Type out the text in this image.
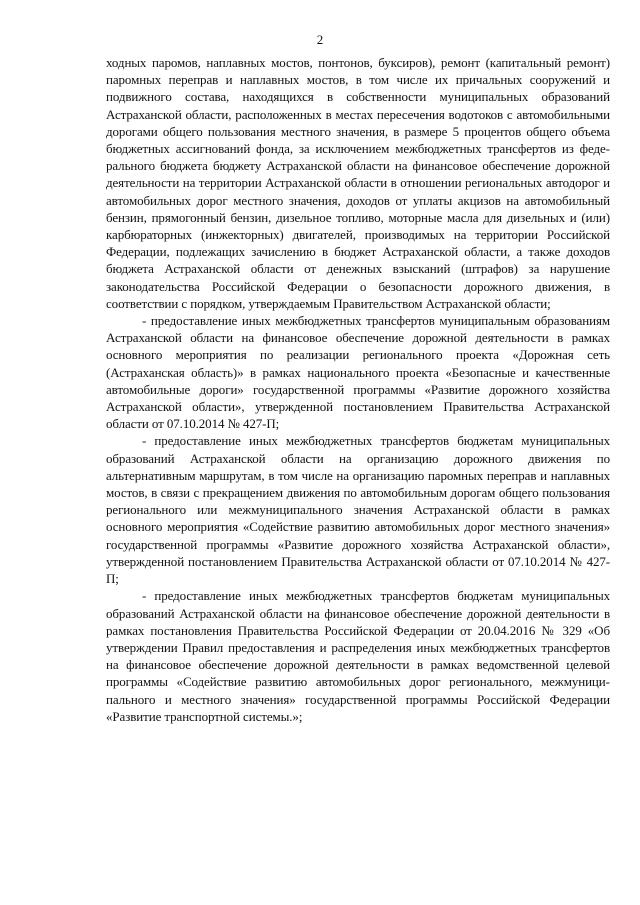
2

ходных паромов, наплавных мостов, понтонов, буксиров), ремонт (капитальный ремонт) паромных переправ и наплавных мостов, в том числе их причальных сооружений и подвижного состава, находящихся в собственности муниципальных образований Астраханской области, расположенных в местах пересечения водотоков с автомобильными дорогами общего пользования местного значения, в размере 5 процентов общего объема бюджетных ассигнований фонда, за исключением межбюджетных трансфертов из федерального бюджета бюджету Астраханской области на финансовое обеспечение дорожной деятельности на территории Астраханской области в отношении региональных автодорог и автомобильных дорог местного значения, доходов от уплаты акцизов на автомобильный бензин, прямогонный бензин, дизельное топливо, моторные масла для дизельных и (или) карбюраторных (инжекторных) двигателей, производимых на территории Российской Федерации, подлежащих зачислению в бюджет Астраханской области, а также доходов бюджета Астраханской области от денежных взысканий (штрафов) за нарушение законодательства Российской Федерации о безопасности дорожного движения, в соответствии с порядком, утверждаемым Правительством Астраханской области;

- предоставление иных межбюджетных трансфертов муниципальным образованиям Астраханской области на финансовое обеспечение дорожной деятельности в рамках основного мероприятия по реализации регионального проекта «Дорожная сеть (Астраханская область)» в рамках национального проекта «Безопасные и качественные автомобильные дороги» государственной программы «Развитие дорожного хозяйства Астраханской области», утвержденной постановлением Правительства Астраханской области от 07.10.2014 № 427-П;

- предоставление иных межбюджетных трансфертов бюджетам муниципальных образований Астраханской области на организацию дорожного движения по альтернативным маршрутам, в том числе на организацию паромных переправ и наплавных мостов, в связи с прекращением движения по автомобильным дорогам общего пользования регионального или межмуниципального значения Астраханской области в рамках основного мероприятия «Содействие развитию автомобильных дорог местного значения» государственной программы «Развитие дорожного хозяйства Астраханской области», утвержденной постановлением Правительства Астраханской области от 07.10.2014 № 427-П;

- предоставление иных межбюджетных трансфертов бюджетам муниципальных образований Астраханской области на финансовое обеспечение дорожной деятельности в рамках постановления Правительства Российской Федерации от 20.04.2016 № 329 «Об утверждении Правил предоставления и распределения иных межбюджетных трансфертов на финансовое обеспечение дорожной деятельности в рамках ведомственной целевой программы «Содействие развитию автомобильных дорог регионального, межмуниципального и местного значения» государственной программы Российской Федерации «Развитие транспортной системы.»;
